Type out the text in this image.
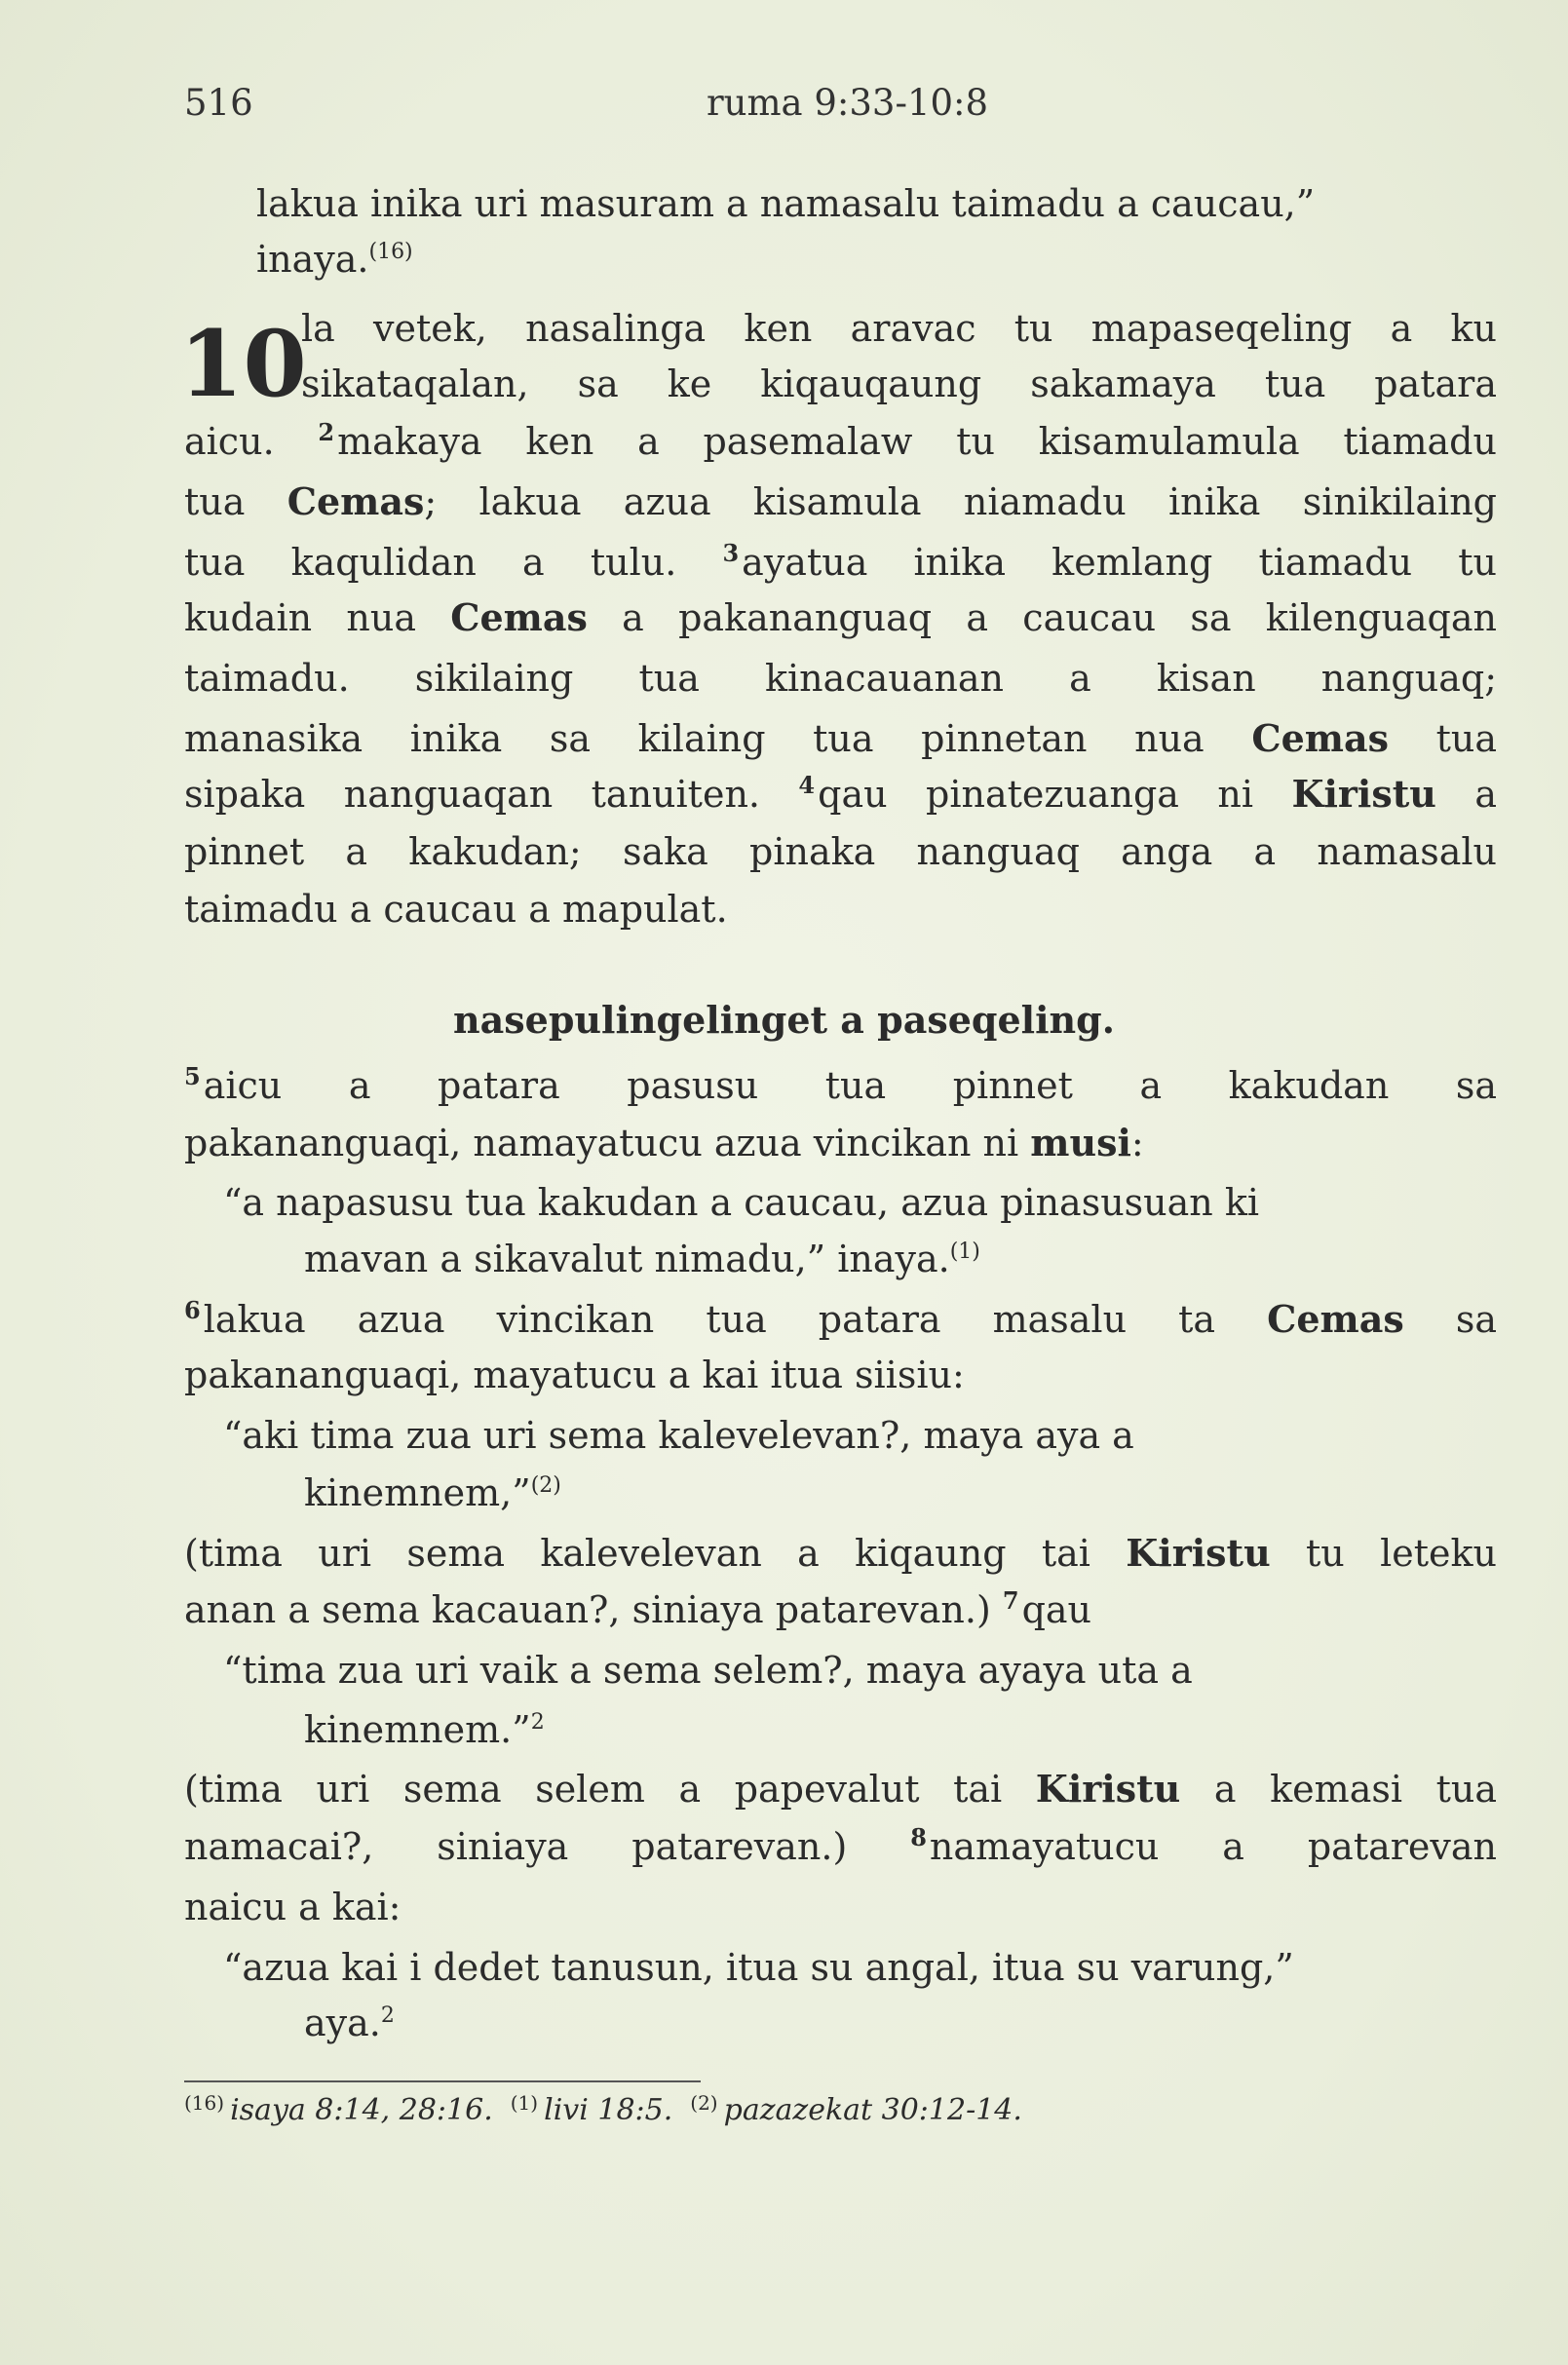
516	ruma 9:33-10:8
10
nasepulingelinget a paseqeling.
lakua inika uri masuram a namasalu taimadu a caucau,”
inaya.$^{(16)}$
la vetek, nasalinga ken aravac tu mapaseqeling a ku
sikataqalan, sa ke kiqauqaung sakamaya tua patara
aicu. $^2$makaya ken a pasemalaw tu kisamulamula tiamadu
tua Cemas; lakua azua kisamula niamadu inika sinikilaing
tua kaqulidan a tulu. $^3$ayatua inika kemlang tiamadu tu
kudain nua Cemas a pakananguaq a caucau sa kilenguaqan
taimadu. sikilaing tua kinacauanan a kisan nanguaq;
manasika inika sa kilaing tua pinnetan nua Cemas tua
sipaka nanguaqan tanuiten. $^4$qau pinatezuanga ni Kiristu a
pinnet a kakudan; saka pinaka nanguaq anga a namasalu
taimadu a caucau a mapulat.
$^5$aicu a patara pasusu tua pinnet a kakudan sa
pakananguaqi, namayatucu azua vincikan ni musi:
“a napasusu tua kakudan a caucau, azua pinasusuan ki
mavan a sikavalut nimadu,” inaya.$^{(1)}$
$^6$lakua azua vincikan tua patara masalu ta Cemas sa
pakananguaqi, mayatucu a kai itua siisiu:
“aki tima zua uri sema kalevelevan?, maya aya a
kinemnem,”$^{(2)}$
(tima uri sema kalevelevan a kiqaung tai Kiristu tu leteku
anan a sema kacauan?, siniaya patarevan.) $^7$qau
“tima zua uri vaik a sema selem?, maya ayaya uta a
kinemnem.”$^2$
(tima uri sema selem a papevalut tai Kiristu a kemasi tua
namacai?, siniaya patarevan.) $^8$namayatucu a patarevan
naicu a kai:
“azua kai i dedet tanusun, itua su angal, itua su varung,”
aya.$^2$
$^{(16)}$ isaya 8:14, 28:16. $^{(1)}$ livi 18:5. $^{(2)}$ pazazekat 30:12-14.
